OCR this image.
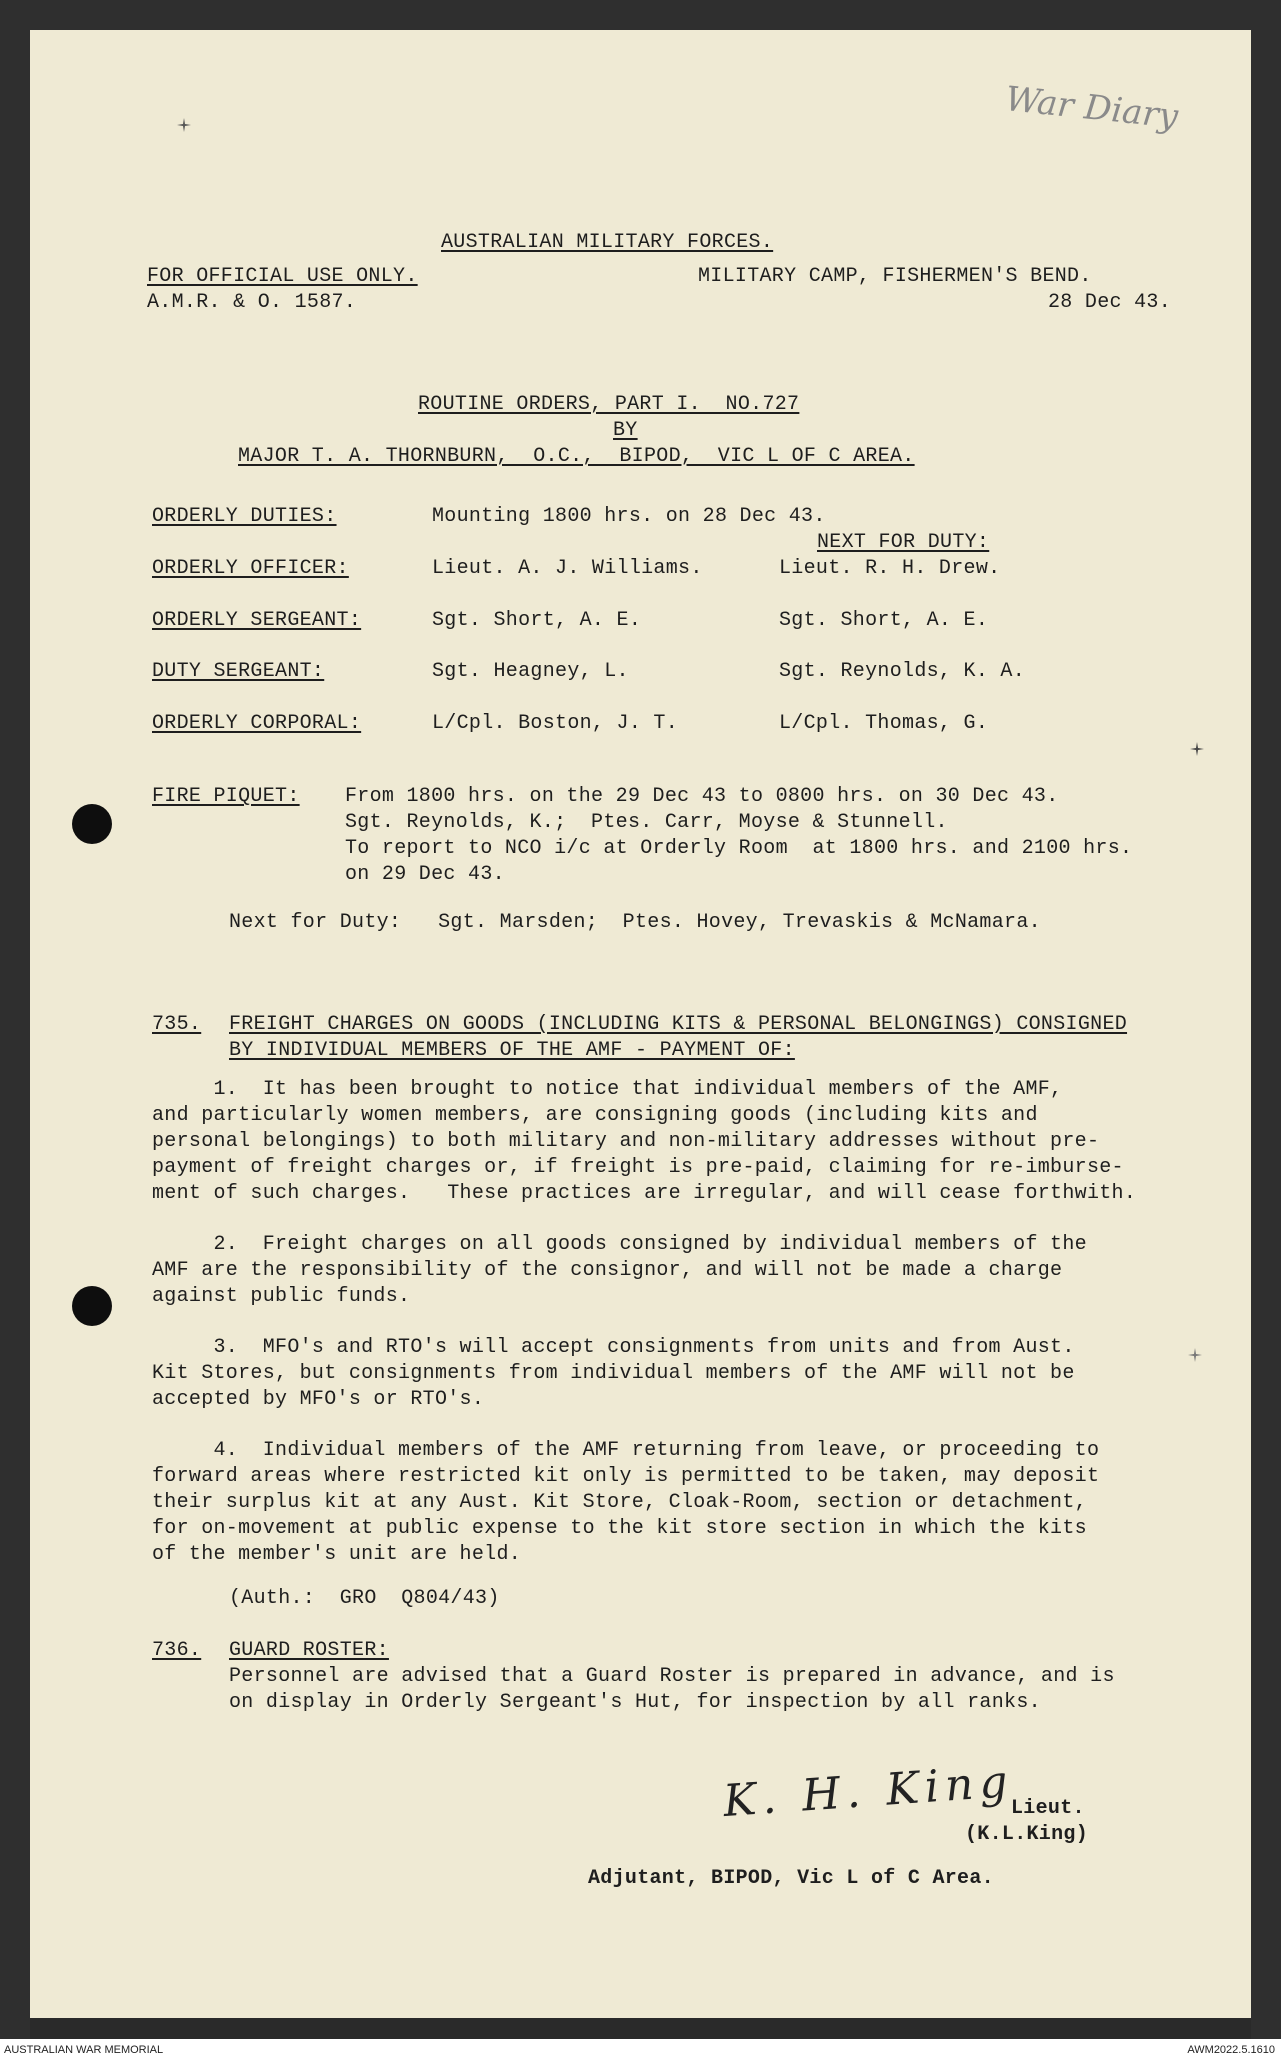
War Diary
AUSTRALIAN MILITARY FORCES.
FOR OFFICIAL USE ONLY.
A.M.R. & O. 1587.
MILITARY CAMP, FISHERMEN'S BEND.
28 Dec 43.
ROUTINE ORDERS, PART I.  NO.727
BY
MAJOR T. A. THORNBURN,  O.C.,  BIPOD,  VIC L OF C AREA.
ORDERLY DUTIES:	Mounting 1800 hrs. on 28 Dec 43.
NEXT FOR DUTY:
ORDERLY OFFICER:	Lieut. A. J. Williams.	Lieut. R. H. Drew.
ORDERLY SERGEANT:	Sgt. Short, A. E.	Sgt. Short, A. E.
DUTY SERGEANT:	Sgt. Heagney, L.	Sgt. Reynolds, K. A.
ORDERLY CORPORAL:	L/Cpl. Boston, J. T.	L/Cpl. Thomas, G.
FIRE PIQUET: From 1800 hrs. on the 29 Dec 43 to 0800 hrs. on 30 Dec 43.
Sgt. Reynolds, K.;  Ptes. Carr, Moyse & Stunnell.
To report to NCO i/c at Orderly Room  at 1800 hrs. and 2100 hrs.
on 29 Dec 43.
Next for Duty:   Sgt. Marsden;  Ptes. Hovey, Trevaskis & McNamara.
735. FREIGHT CHARGES ON GOODS (INCLUDING KITS & PERSONAL BELONGINGS) CONSIGNED
BY INDIVIDUAL MEMBERS OF THE AMF - PAYMENT OF:
1.  It has been brought to notice that individual members of the AMF,
and particularly women members, are consigning goods (including kits and
personal belongings) to both military and non-military addresses without pre-
payment of freight charges or, if freight is pre-paid, claiming for re-imburse-
ment of such charges.   These practices are irregular, and will cease forthwith.
2.  Freight charges on all goods consigned by individual members of the
AMF are the responsibility of the consignor, and will not be made a charge
against public funds.
3.  MFO's and RTO's will accept consignments from units and from Aust.
Kit Stores, but consignments from individual members of the AMF will not be
accepted by MFO's or RTO's.
4.  Individual members of the AMF returning from leave, or proceeding to
forward areas where restricted kit only is permitted to be taken, may deposit
their surplus kit at any Aust. Kit Store, Cloak-Room, section or detachment,
for on-movement at public expense to the kit store section in which the kits
of the member's unit are held.
(Auth.:  GRO  Q804/43)
736. GUARD ROSTER:
Personnel are advised that a Guard Roster is prepared in advance, and is
on display in Orderly Sergeant's Hut, for inspection by all ranks.
K. H. King
Lieut.
(K.L.King)
Adjutant, BIPOD, Vic L of C Area.
AUSTRALIAN WAR MEMORIAL	AWM2022.5.1610
